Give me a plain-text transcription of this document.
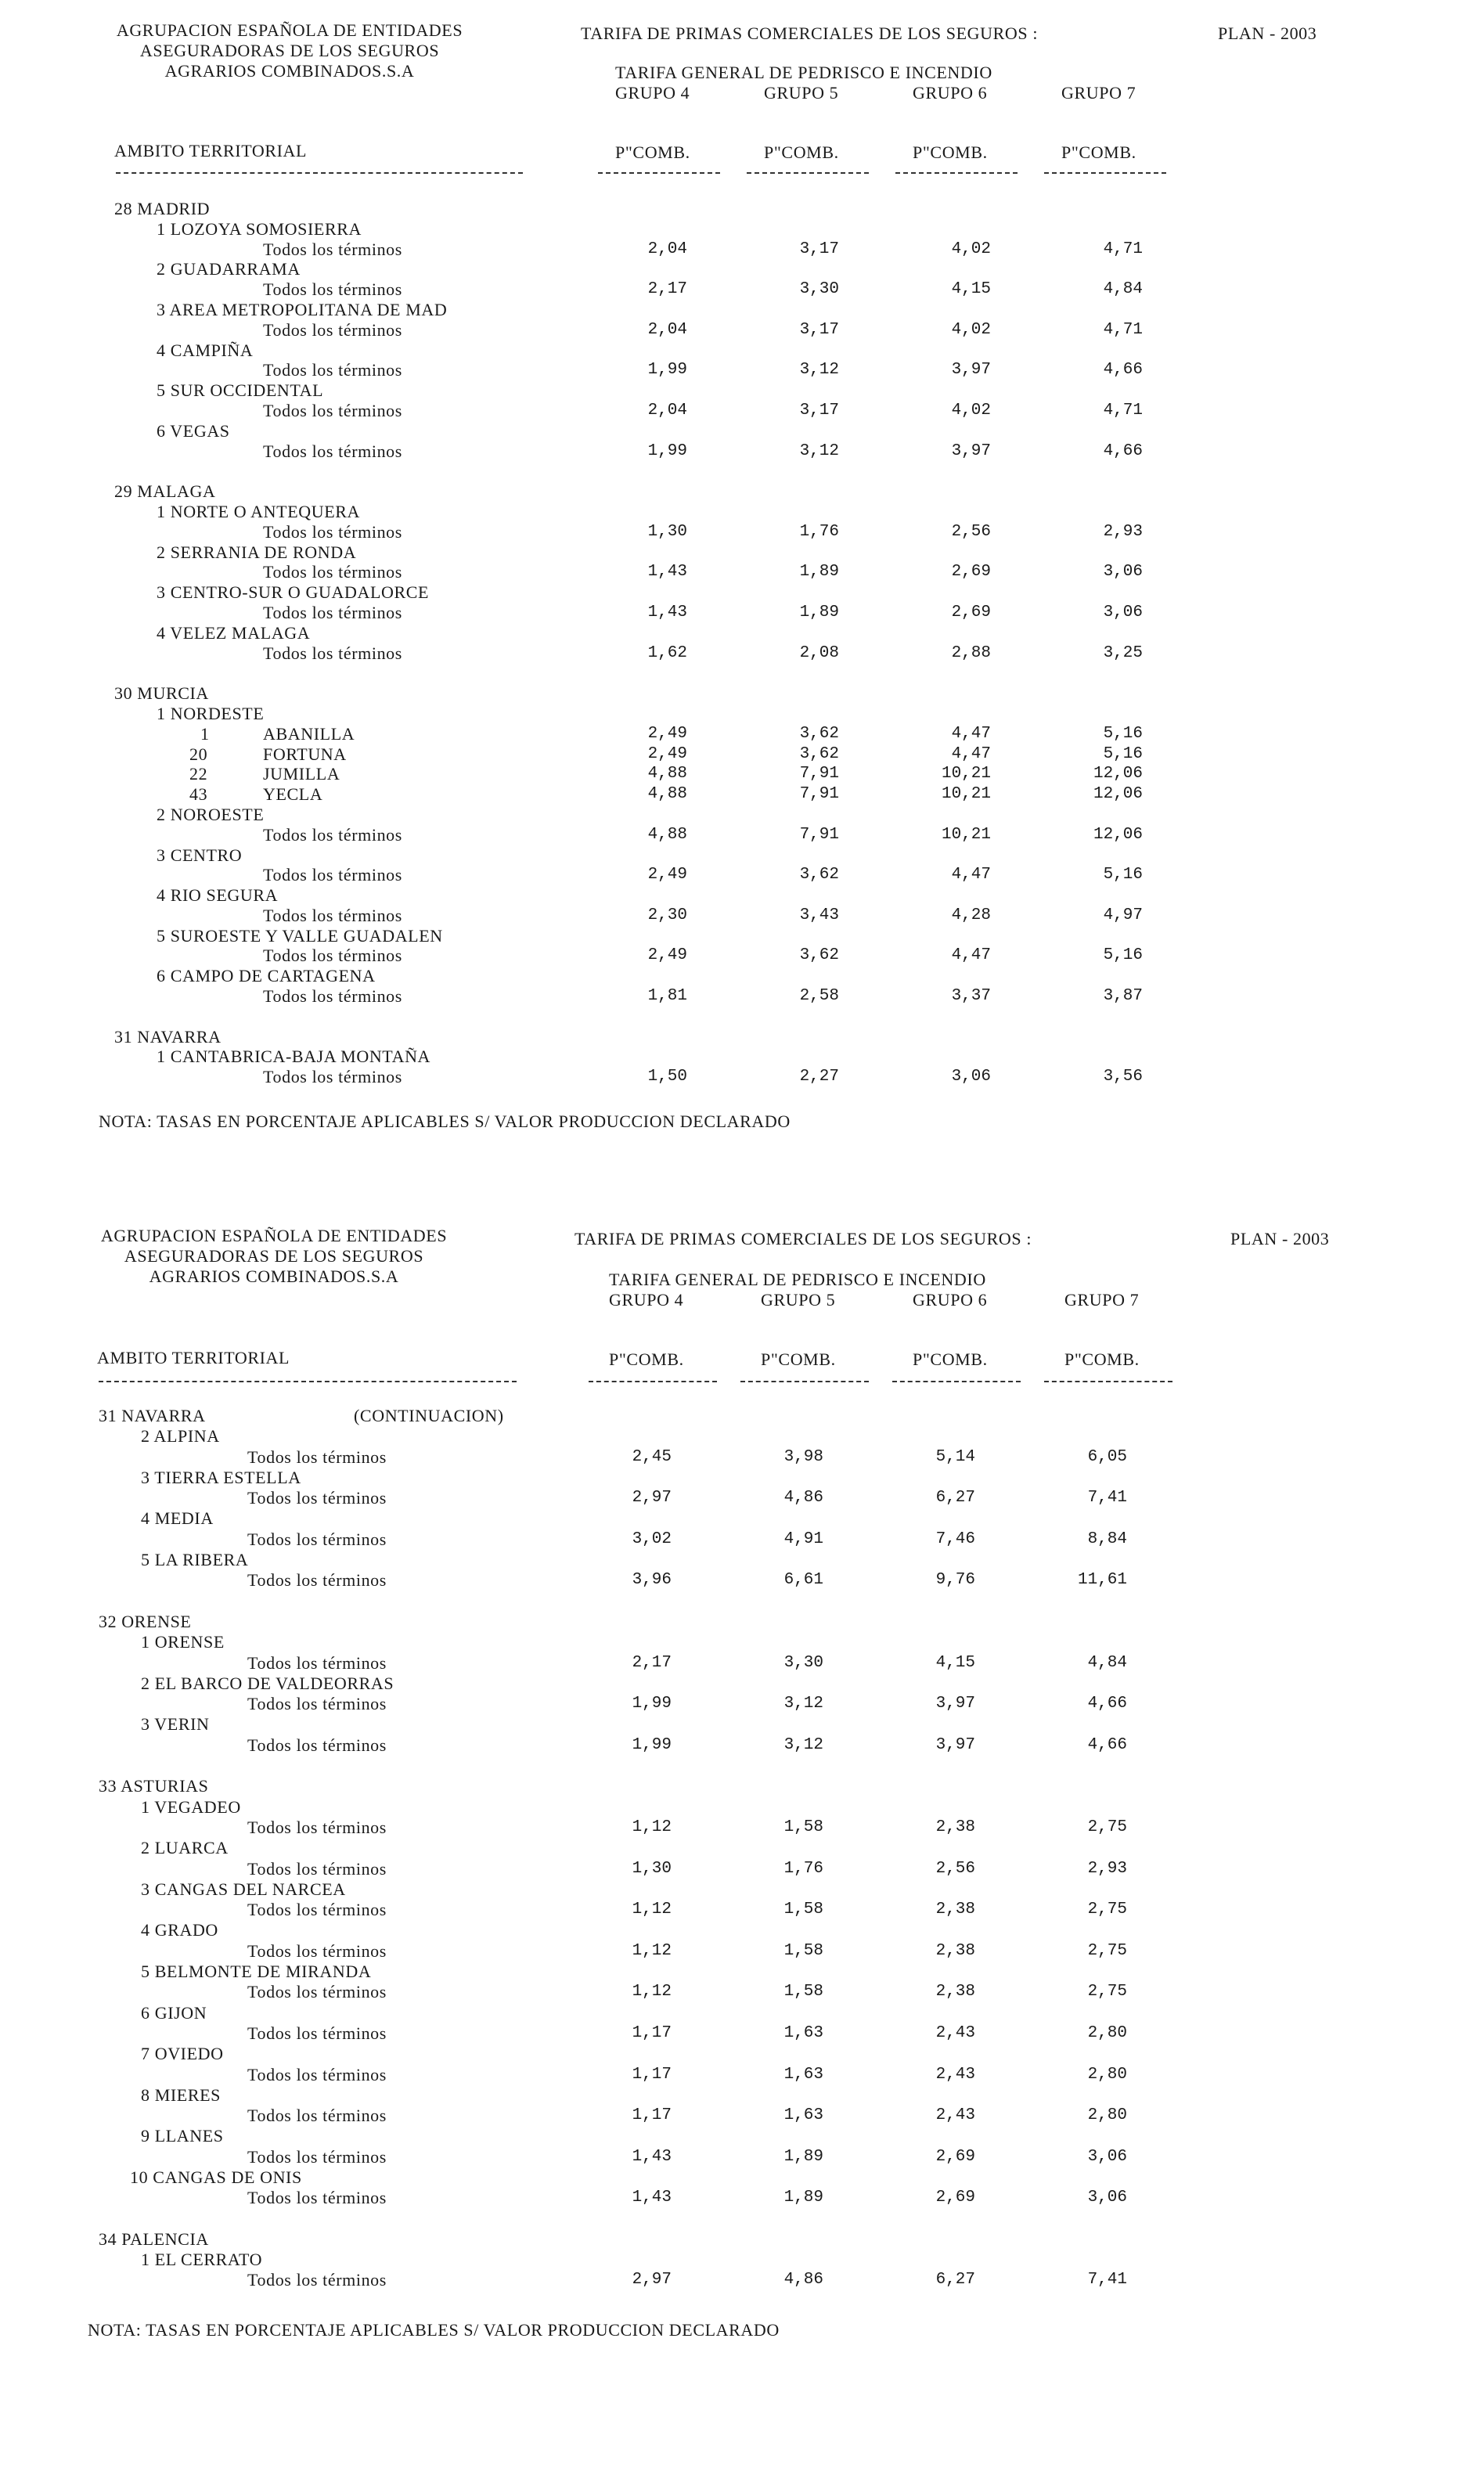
AGRUPACION ESPAÑOLA DE ENTIDADES
ASEGURADORAS DE LOS SEGUROS
AGRARIOS COMBINADOS.S.A
TARIFA DE PRIMAS COMERCIALES DE LOS SEGUROS :	PLAN - 2003
TARIFA GENERAL DE PEDRISCO E INCENDIO
GRUPO 4	GRUPO 5	GRUPO 6	GRUPO 7
AMBITO TERRITORIAL	P"COMB.	P"COMB.	P"COMB.	P"COMB.
28 MADRID
1 LOZOYA SOMOSIERRA
Todos los términos	2,04	3,17	4,02	4,71
2 GUADARRAMA
Todos los términos	2,17	3,30	4,15	4,84
3 AREA METROPOLITANA DE MAD
Todos los términos	2,04	3,17	4,02	4,71
4 CAMPIÑA
Todos los términos	1,99	3,12	3,97	4,66
5 SUR OCCIDENTAL
Todos los términos	2,04	3,17	4,02	4,71
6 VEGAS
Todos los términos	1,99	3,12	3,97	4,66
29 MALAGA
1 NORTE O ANTEQUERA
Todos los términos	1,30	1,76	2,56	2,93
2 SERRANIA DE RONDA
Todos los términos	1,43	1,89	2,69	3,06
3 CENTRO-SUR O GUADALORCE
Todos los términos	1,43	1,89	2,69	3,06
4 VELEZ MALAGA
Todos los términos	1,62	2,08	2,88	3,25
30 MURCIA
1 NORDESTE
1	ABANILLA	2,49	3,62	4,47	5,16
20	FORTUNA	2,49	3,62	4,47	5,16
22	JUMILLA	4,88	7,91	10,21	12,06
43	YECLA	4,88	7,91	10,21	12,06
2 NOROESTE
Todos los términos	4,88	7,91	10,21	12,06
3 CENTRO
Todos los términos	2,49	3,62	4,47	5,16
4 RIO SEGURA
Todos los términos	2,30	3,43	4,28	4,97
5 SUROESTE Y VALLE GUADALEN
Todos los términos	2,49	3,62	4,47	5,16
6 CAMPO DE CARTAGENA
Todos los términos	1,81	2,58	3,37	3,87
31 NAVARRA
1 CANTABRICA-BAJA MONTAÑA
Todos los términos	1,50	2,27	3,06	3,56
NOTA: TASAS EN PORCENTAJE APLICABLES S/ VALOR PRODUCCION DECLARADO
AGRUPACION ESPAÑOLA DE ENTIDADES
ASEGURADORAS DE LOS SEGUROS
AGRARIOS COMBINADOS.S.A
TARIFA DE PRIMAS COMERCIALES DE LOS SEGUROS :	PLAN - 2003
TARIFA GENERAL DE PEDRISCO E INCENDIO
GRUPO 4	GRUPO 5	GRUPO 6	GRUPO 7
AMBITO TERRITORIAL	P"COMB.	P"COMB.	P"COMB.	P"COMB.
31 NAVARRA	(CONTINUACION)
2 ALPINA
Todos los términos	2,45	3,98	5,14	6,05
3 TIERRA ESTELLA
Todos los términos	2,97	4,86	6,27	7,41
4 MEDIA
Todos los términos	3,02	4,91	7,46	8,84
5 LA RIBERA
Todos los términos	3,96	6,61	9,76	11,61
32 ORENSE
1 ORENSE
Todos los términos	2,17	3,30	4,15	4,84
2 EL BARCO DE VALDEORRAS
Todos los términos	1,99	3,12	3,97	4,66
3 VERIN
Todos los términos	1,99	3,12	3,97	4,66
33 ASTURIAS
1 VEGADEO
Todos los términos	1,12	1,58	2,38	2,75
2 LUARCA
Todos los términos	1,30	1,76	2,56	2,93
3 CANGAS DEL NARCEA
Todos los términos	1,12	1,58	2,38	2,75
4 GRADO
Todos los términos	1,12	1,58	2,38	2,75
5 BELMONTE DE MIRANDA
Todos los términos	1,12	1,58	2,38	2,75
6 GIJON
Todos los términos	1,17	1,63	2,43	2,80
7 OVIEDO
Todos los términos	1,17	1,63	2,43	2,80
8 MIERES
Todos los términos	1,17	1,63	2,43	2,80
9 LLANES
Todos los términos	1,43	1,89	2,69	3,06
10 CANGAS DE ONIS
Todos los términos	1,43	1,89	2,69	3,06
34 PALENCIA
1 EL CERRATO
Todos los términos	2,97	4,86	6,27	7,41
NOTA: TASAS EN PORCENTAJE APLICABLES S/ VALOR PRODUCCION DECLARADO
